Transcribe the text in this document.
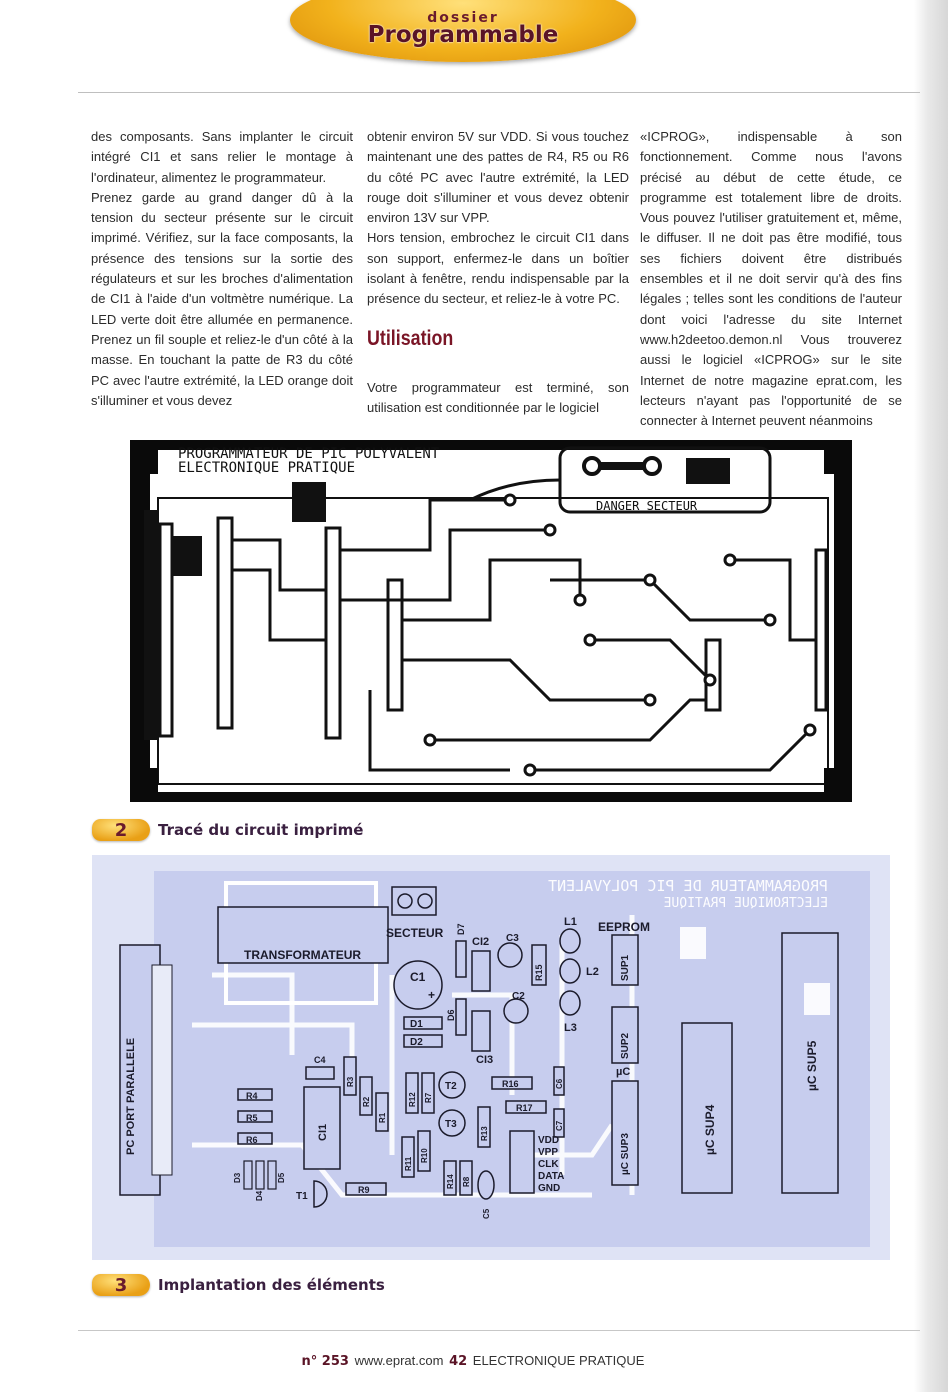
dossier
Programmable

des composants. Sans implanter le circuit intégré CI1 et sans relier le montage à l'ordinateur, alimentez le programmateur.

Prenez garde au grand danger dû à la tension du secteur présente sur le circuit imprimé. Vérifiez, sur la face composants, la présence des tensions sur la sortie des régulateurs et sur les broches d'alimentation de CI1 à l'aide d'un voltmètre numérique. La LED verte doit être allumée en permanence. Prenez un fil souple et reliez-le d'un côté à la masse. En touchant la patte de R3 du côté PC avec l'autre extrémité, la LED orange doit s'illuminer et vous devez

obtenir environ 5V sur VDD. Si vous touchez maintenant une des pattes de R4, R5 ou R6 du côté PC avec l'autre extrémité, la LED rouge doit s'illuminer et vous devez obtenir environ 13V sur VPP.

Hors tension, embrochez le circuit CI1 dans son support, enfermez-le dans un boîtier isolant à fenêtre, rendu indispensable par la présence du secteur, et reliez-le à votre PC.

Utilisation

Votre programmateur est terminé, son utilisation est conditionnée par le logiciel

«ICPROG», indispensable à son fonctionnement. Comme nous l'avons précisé au début de cette étude, ce programme est totalement libre de droits. Vous pouvez l'utiliser gratuitement et, même, le diffuser. Il ne doit pas être modifié, tous ses fichiers doivent être distribués ensembles et il ne doit servir qu'à des fins légales ; telles sont les conditions de l'auteur dont voici l'adresse du site Internet www.h2deetoo.demon.nl Vous trouverez aussi le logiciel «ICPROG» sur le site Internet de notre magazine eprat.com, les lecteurs n'ayant pas l'opportunité de se connecter à Internet peuvent néanmoins

PROGRAMMATEUR DE PIC POLYVALENT
ELECTRONIQUE PRATIQUE
DANGER SECTEUR
2	Tracé du circuit imprimé
PROGRAMMATEUR DE PIC POLYVALENT
ELECTRONIQUE PRATIQUE
TRANSFORMATEUR
PC PORT PARALLELE
SECTEUR
C1
+
D1
D2
D7
D6
CI2
CI3
C3
C2
R15
L1
L2
L3
EEPROM
SUP1
SUP2
µC
µC SUP3	µC SUP4
µC SUP5
C4
CI1
R4
R5
R6
D3
D4
D5
T1
R9
R3
R2
R1
R12 R7
T2
T3
R16
R17
R13
C6
C7
R11
R10
R14 R8
C5
VDD
VPP
CLK
DATA
GND
3	Implantation des éléments
n° 253 www.eprat.com 42 ELECTRONIQUE PRATIQUE
